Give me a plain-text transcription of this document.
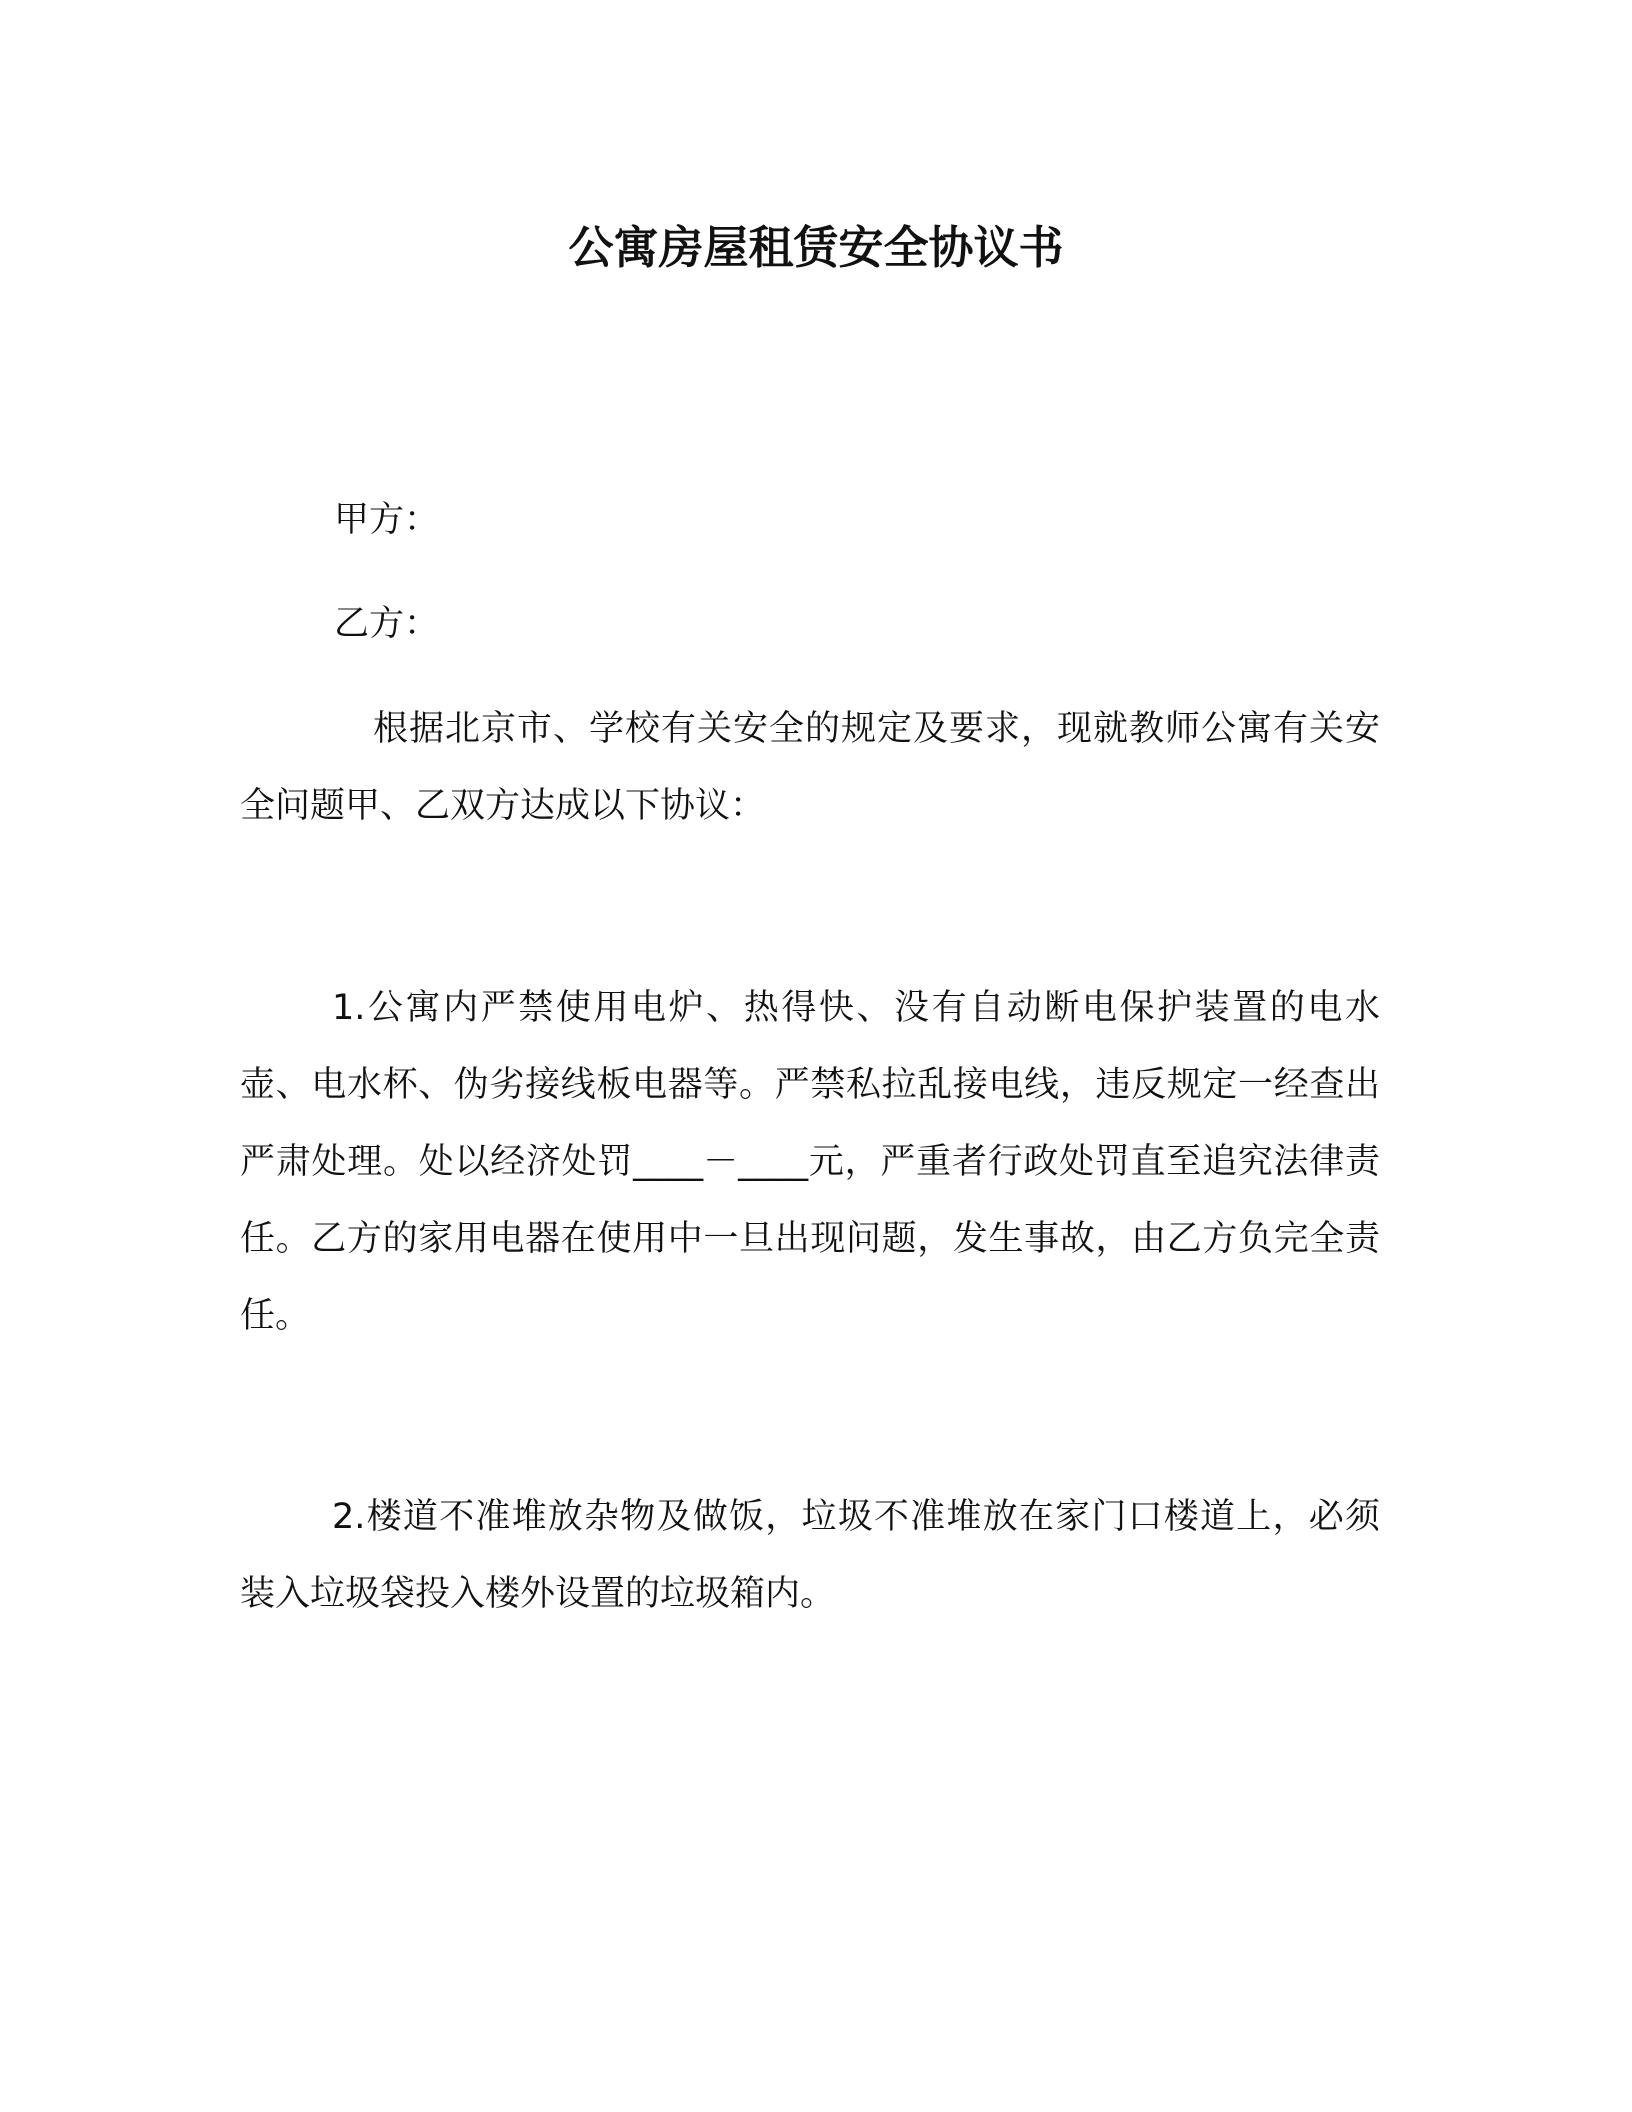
公寓房屋租赁安全协议书

甲方：

乙方：

根据北京市、学校有关安全的规定及要求，现就教师公寓有关安全问题甲、乙双方达成以下协议：

1.公寓内严禁使用电炉、热得快、没有自动断电保护装置的电水壶、电水杯、伪劣接线板电器等。严禁私拉乱接电线，违反规定一经查出严肃处理。处以经济处罚____－____元，严重者行政处罚直至追究法律责任。乙方的家用电器在使用中一旦出现问题，发生事故，由乙方负完全责任。

2.楼道不准堆放杂物及做饭，垃圾不准堆放在家门口楼道上，必须装入垃圾袋投入楼外设置的垃圾箱内。
